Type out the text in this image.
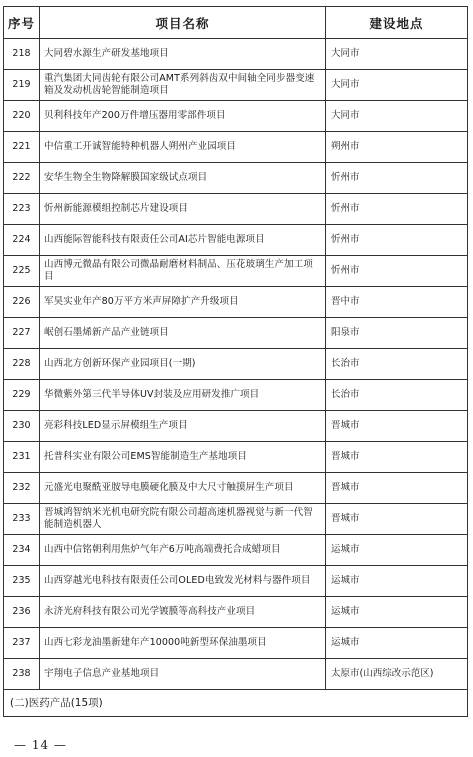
序号	项目名称	建设地点
218	大同碧水源生产研发基地项目	大同市
219	重汽集团大同齿轮有限公司AMT系列斜齿双中间轴全同步器变速箱及发动机齿轮智能制造项目	大同市
220	贝利科技年产200万件增压器用零部件项目	大同市
221	中信重工开诚智能特种机器人朔州产业园项目	朔州市
222	安华生物全生物降解膜国家级试点项目	忻州市
223	忻州新能源模组控制芯片建设项目	忻州市
224	山西能际智能科技有限责任公司AI芯片智能电源项目	忻州市
225	山西博元微晶有限公司微晶耐磨材料制品、压花玻璃生产加工项目	忻州市
226	军昊实业年产80万平方米声屏障扩产升级项目	晋中市
227	岷创石墨烯新产品产业链项目	阳泉市
228	山西北方创新环保产业园项目(一期)	长治市
229	华微紫外第三代半导体UV封装及应用研发推广项目	长治市
230	亮彩科技LED显示屏模组生产项目	晋城市
231	托普科实业有限公司EMS智能制造生产基地项目	晋城市
232	元盛光电聚酰亚胺导电膜硬化膜及中大尺寸触摸屏生产项目	晋城市
233	晋城鸿智纳米光机电研究院有限公司超高速机器视觉与新一代智能制造机器人	晋城市
234	山西中信铭朝利用焦炉气年产6万吨高端费托合成蜡项目	运城市
235	山西穿越光电科技有限责任公司OLED电致发光材料与器件项目	运城市
236	永济光府科技有限公司光学镀膜等高科技产业项目	运城市
237	山西七彩龙油墨新建年产10000吨新型环保油墨项目	运城市
238	宇翔电子信息产业基地项目	太原市(山西综改示范区)
(二)医药产品(15项)		
— 14 —
